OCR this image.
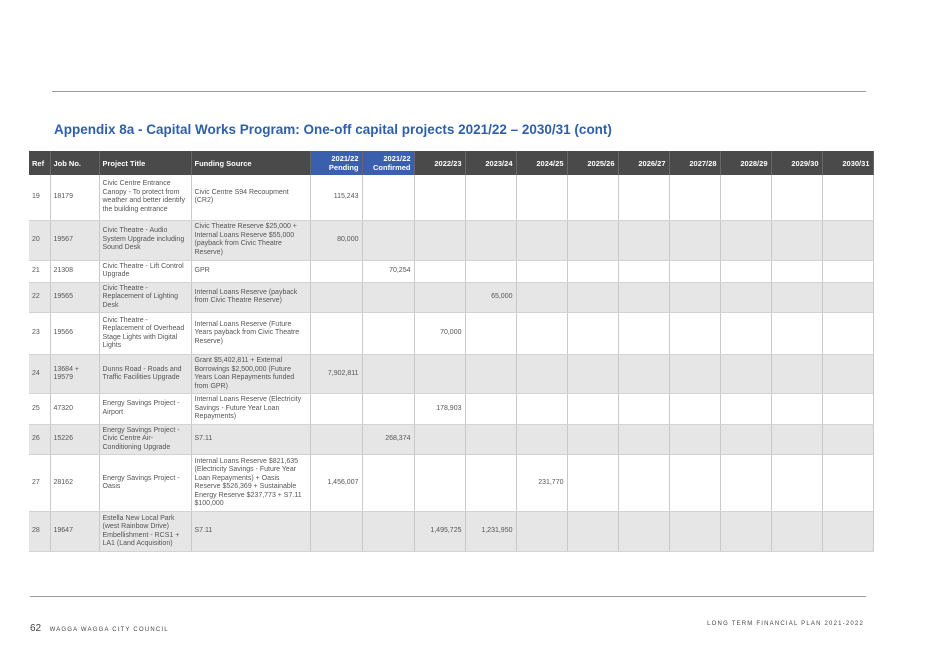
Appendix 8a - Capital Works Program: One-off capital projects 2021/22 – 2030/31 (cont)
Ref	Job No.	Project Title	Funding Source	2021/22 Pending	2021/22 Confirmed	2022/23	2023/24	2024/25	2025/26	2026/27	2027/28	2028/29	2029/30	2030/31
19	18179	Civic Centre Entrance Canopy - To protect from weather and better identify the building entrance	Civic Centre S94 Recoupment (CR2)	115,243										
20	19567	Civic Theatre - Audio System Upgrade including Sound Desk	Civic Theatre Reserve $25,000 + Internal Loans Reserve $55,000 (payback from Civic Theatre Reserve)	80,000										
21	21308	Civic Theatre - Lift Control Upgrade	GPR		70,254									
22	19565	Civic Theatre - Replacement of Lighting Desk	Internal Loans Reserve (payback from Civic Theatre Reserve)				65,000							
23	19566	Civic Theatre - Replacement of Overhead Stage Lights with Digital Lights	Internal Loans Reserve (Future Years payback from Civic Theatre Reserve)			70,000								
24	13684 + 19579	Dunns Road - Roads and Traffic Facilities Upgrade	Grant $5,402,811 + External Borrowings $2,500,000 (Future Years Loan Repayments funded from GPR)	7,902,811										
25	47320	Energy Savings Project - Airport	Internal Loans Reserve (Electricity Savings - Future Year Loan Repayments)			178,903								
26	15226	Energy Savings Project - Civic Centre Air-Conditioning Upgrade	S7.11		268,374									
27	28162	Energy Savings Project - Oasis	Internal Loans Reserve $821,635 (Electricity Savings - Future Year Loan Repayments) + Oasis Reserve $526,369 + Sustainable Energy Reserve $237,773 + S7.11 $100,000	1,456,007				231,770						
28	19647	Estella New Local Park (west Rainbow Drive) Embellishment - RCS1 + LA1 (Land Acquisition)	S7.11			1,495,725	1,231,950							
62 WAGGA WAGGA CITY COUNCIL
LONG TERM FINANCIAL PLAN 2021-2022
